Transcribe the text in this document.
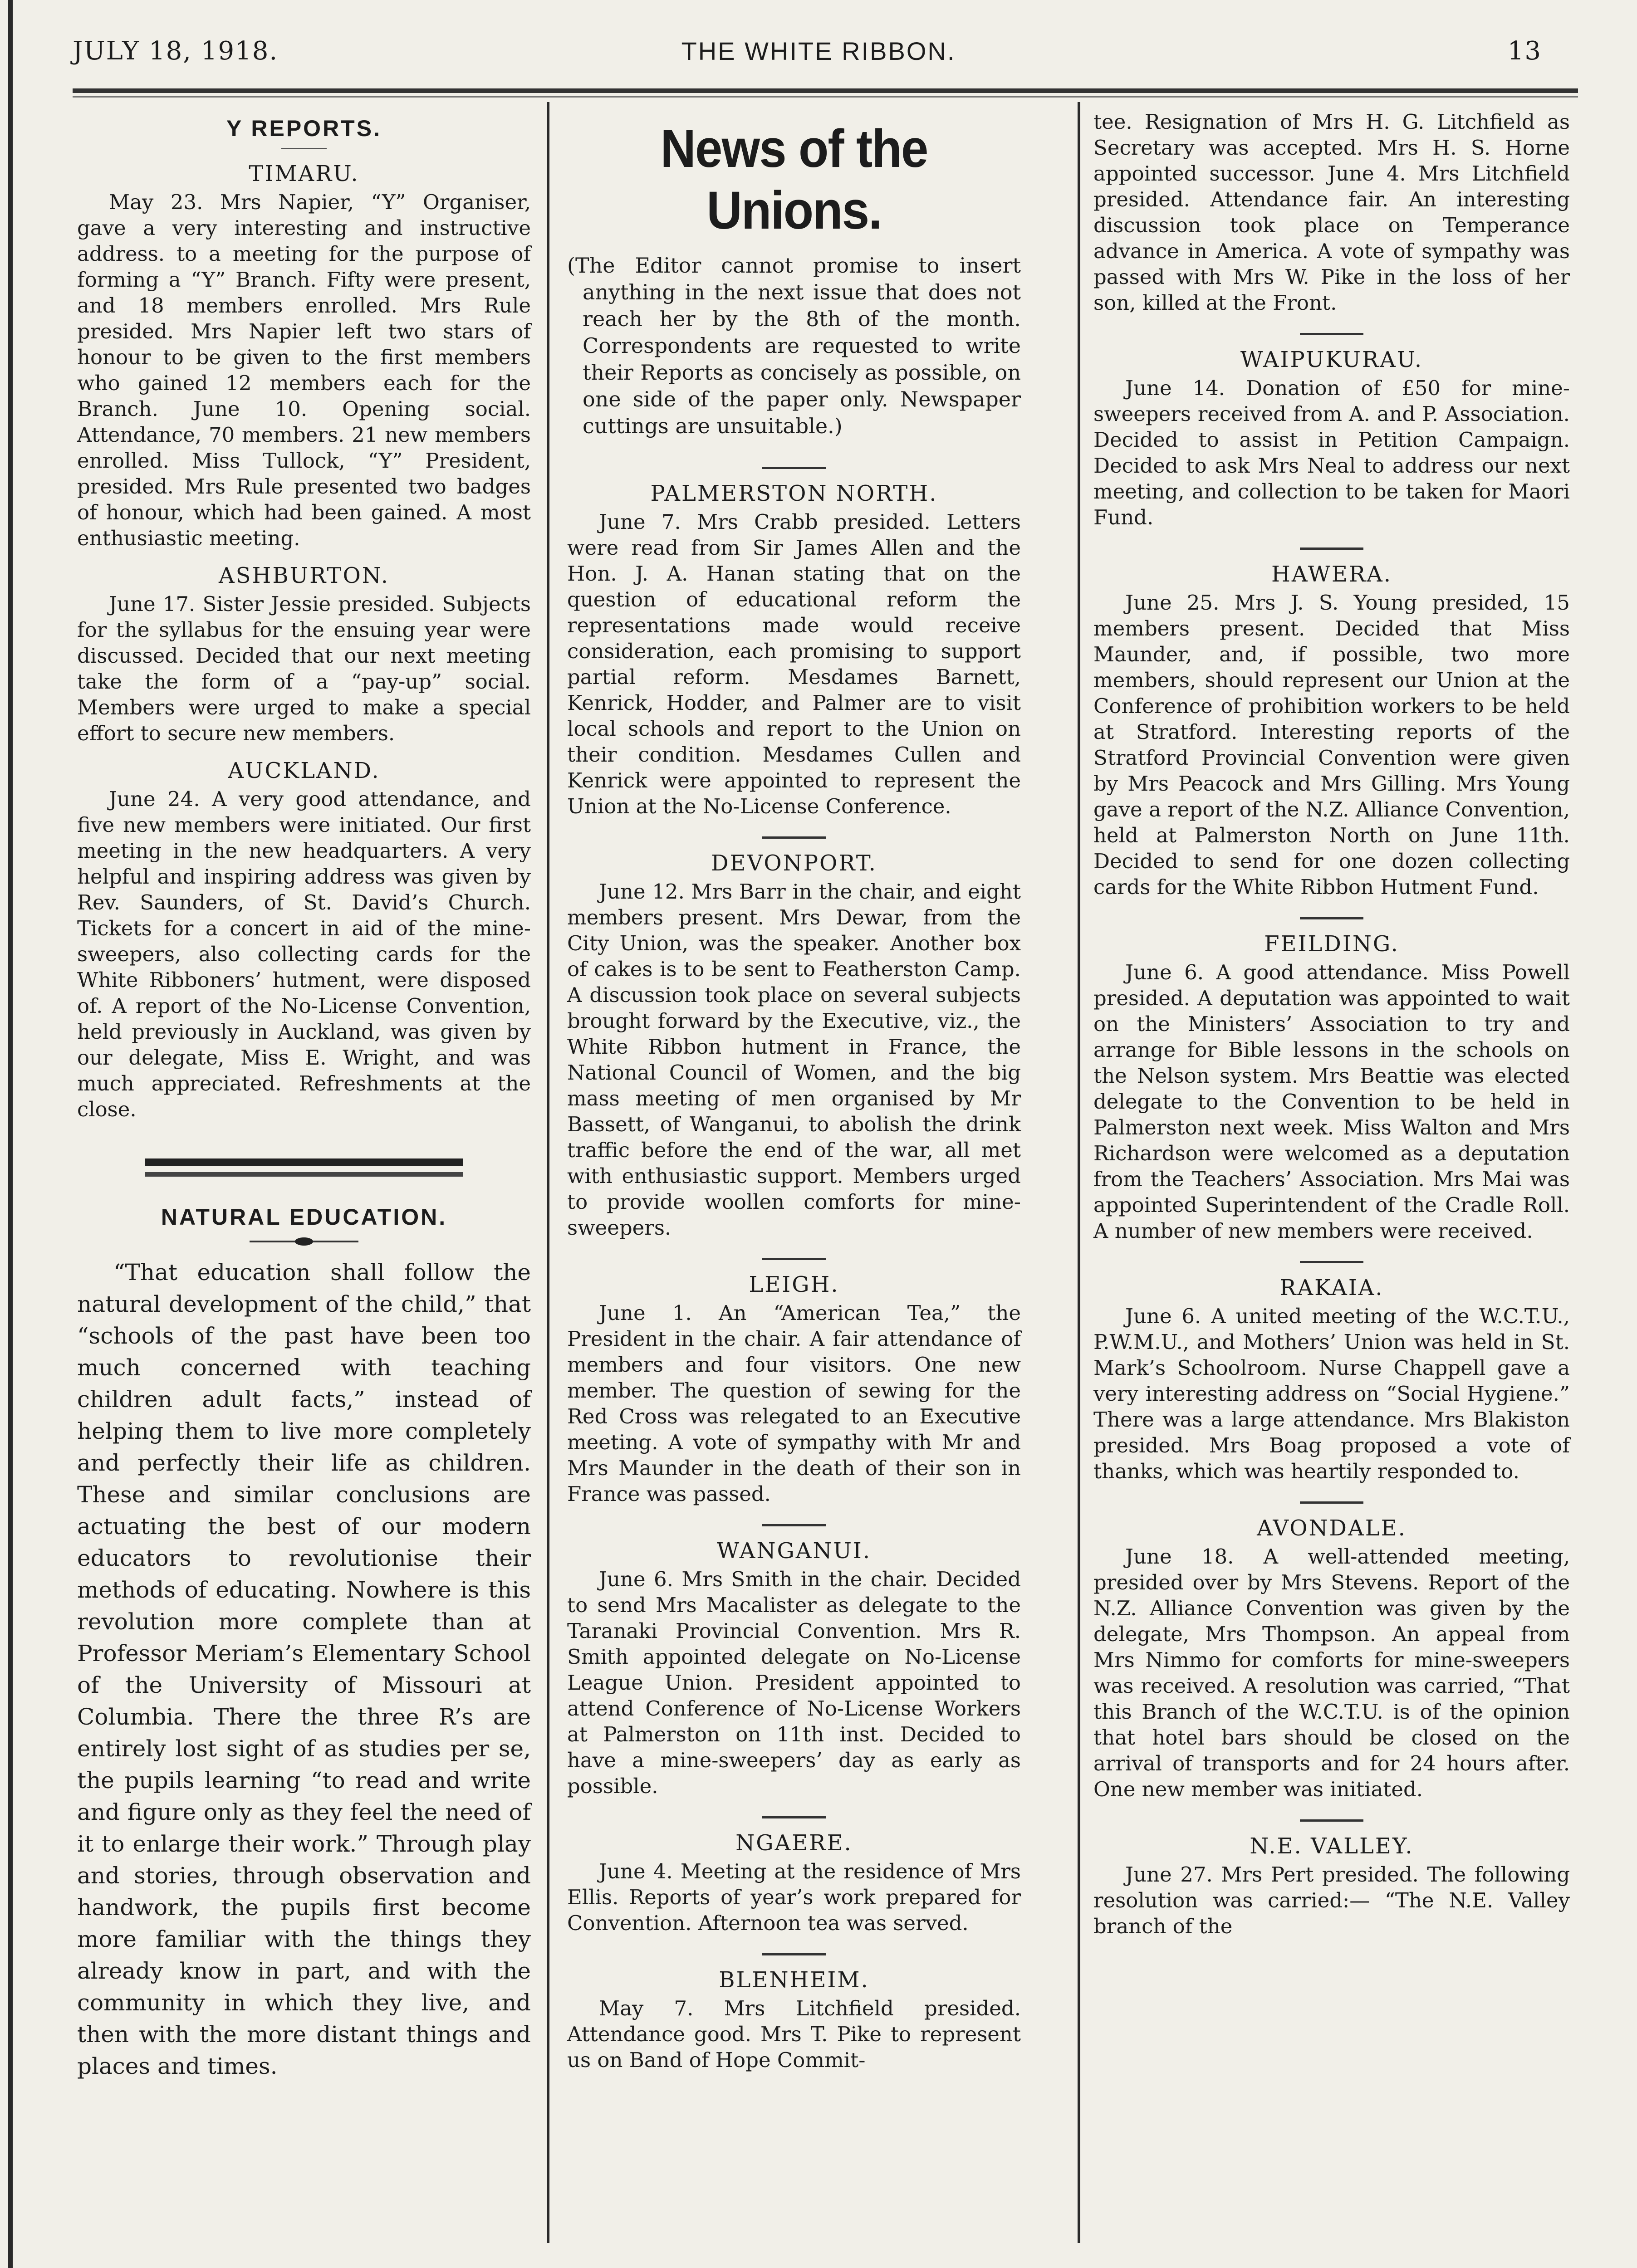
JULY 18, 1918.	THE WHITE RIBBON.	13
Y REPORTS.
TIMARU.

May 23. Mrs Napier, “Y” Organiser, gave a very interesting and instructive address. to a meeting for the purpose of forming a “Y” Branch. Fifty were present, and 18 members enrolled. Mrs Rule presided. Mrs Napier left two stars of honour to be given to the first members who gained 12 members each for the Branch. June 10. Opening social. Attendance, 70 members. 21 new members enrolled. Miss Tullock, “Y” President, presided. Mrs Rule presented two badges of honour, which had been gained. A most enthusiastic meeting.

ASHBURTON.

June 17. Sister Jessie presided. Subjects for the syllabus for the ensuing year were discussed. Decided that our next meeting take the form of a “pay-up” social. Members were urged to make a special effort to secure new members.

AUCKLAND.

June 24. A very good attendance, and five new members were initiated. Our first meeting in the new headquarters. A very helpful and inspiring address was given by Rev. Saunders, of St. David’s Church. Tickets for a concert in aid of the mine-sweepers, also collecting cards for the White Ribboners’ hutment, were disposed of. A report of the No-License Convention, held previously in Auckland, was given by our delegate, Miss E. Wright, and was much appreciated. Refreshments at the close.

NATURAL EDUCATION.

“That education shall follow the natural development of the child,” that “schools of the past have been too much concerned with teaching children adult facts,” instead of helping them to live more completely and perfectly their life as children. These and similar conclusions are actuating the best of our modern educators to revolutionise their methods of educating. Nowhere is this revolution more complete than at Professor Meriam’s Elementary School of the University of Missouri at Columbia. There the three R’s are entirely lost sight of as studies per se, the pupils learning “to read and write and figure only as they feel the need of it to enlarge their work.” Through play and stories, through observation and handwork, the pupils first become more familiar with the things they already know in part, and with the community in which they live, and then with the more distant things and places and times.

News of the Unions.

(The Editor cannot promise to insert anything in the next issue that does not reach her by the 8th of the month. Correspondents are requested to write their Reports as concisely as possible, on one side of the paper only. Newspaper cuttings are unsuitable.)

PALMERSTON NORTH.

June 7. Mrs Crabb presided. Letters were read from Sir James Allen and the Hon. J. A. Hanan stating that on the question of educational reform the representations made would receive consideration, each promising to support partial reform. Mesdames Barnett, Kenrick, Hodder, and Palmer are to visit local schools and report to the Union on their condition. Mesdames Cullen and Kenrick were appointed to represent the Union at the No-License Conference.

DEVONPORT.

June 12. Mrs Barr in the chair, and eight members present. Mrs Dewar, from the City Union, was the speaker. Another box of cakes is to be sent to Featherston Camp. A discussion took place on several subjects brought forward by the Executive, viz., the White Ribbon hutment in France, the National Council of Women, and the big mass meeting of men organised by Mr Bassett, of Wanganui, to abolish the drink traffic before the end of the war, all met with enthusiastic support. Members urged to provide woollen comforts for mine-sweepers.

LEIGH.

June 1. An “American Tea,” the President in the chair. A fair attendance of members and four visitors. One new member. The question of sewing for the Red Cross was relegated to an Executive meeting. A vote of sympathy with Mr and Mrs Maunder in the death of their son in France was passed.

WANGANUI.

June 6. Mrs Smith in the chair. Decided to send Mrs Macalister as delegate to the Taranaki Provincial Convention. Mrs R. Smith appointed delegate on No-License League Union. President appointed to attend Conference of No-License Workers at Palmerston on 11th inst. Decided to have a mine-sweepers’ day as early as possible.

NGAERE.

June 4. Meeting at the residence of Mrs Ellis. Reports of year’s work prepared for Convention. Afternoon tea was served.

BLENHEIM.

May 7. Mrs Litchfield presided. Attendance good. Mrs T. Pike to represent us on Band of Hope Commit-

tee. Resignation of Mrs H. G. Litchfield as Secretary was accepted. Mrs H. S. Horne appointed successor. June 4. Mrs Litchfield presided. Attendance fair. An interesting discussion took place on Temperance advance in America. A vote of sympathy was passed with Mrs W. Pike in the loss of her son, killed at the Front.

WAIPUKURAU.

June 14. Donation of £50 for mine-sweepers received from A. and P. Association. Decided to assist in Petition Campaign. Decided to ask Mrs Neal to address our next meeting, and collection to be taken for Maori Fund.

HAWERA.

June 25. Mrs J. S. Young presided, 15 members present. Decided that Miss Maunder, and, if possible, two more members, should represent our Union at the Conference of prohibition workers to be held at Stratford. Interesting reports of the Stratford Provincial Convention were given by Mrs Peacock and Mrs Gilling. Mrs Young gave a report of the N.Z. Alliance Convention, held at Palmerston North on June 11th. Decided to send for one dozen collecting cards for the White Ribbon Hutment Fund.

FEILDING.

June 6. A good attendance. Miss Powell presided. A deputation was appointed to wait on the Ministers’ Association to try and arrange for Bible lessons in the schools on the Nelson system. Mrs Beattie was elected delegate to the Convention to be held in Palmerston next week. Miss Walton and Mrs Richardson were welcomed as a deputation from the Teachers’ Association. Mrs Mai was appointed Superintendent of the Cradle Roll. A number of new members were received.

RAKAIA.

June 6. A united meeting of the W.C.T.U., P.W.M.U., and Mothers’ Union was held in St. Mark’s Schoolroom. Nurse Chappell gave a very interesting address on “Social Hygiene.” There was a large attendance. Mrs Blakiston presided. Mrs Boag proposed a vote of thanks, which was heartily responded to.

AVONDALE.

June 18. A well-attended meeting, presided over by Mrs Stevens. Report of the N.Z. Alliance Convention was given by the delegate, Mrs Thompson. An appeal from Mrs Nimmo for comforts for mine-sweepers was received. A resolution was carried, “That this Branch of the W.C.T.U. is of the opinion that hotel bars should be closed on the arrival of transports and for 24 hours after. One new member was initiated.

N.E. VALLEY.

June 27. Mrs Pert presided. The following resolution was carried:— “The N.E. Valley branch of the
